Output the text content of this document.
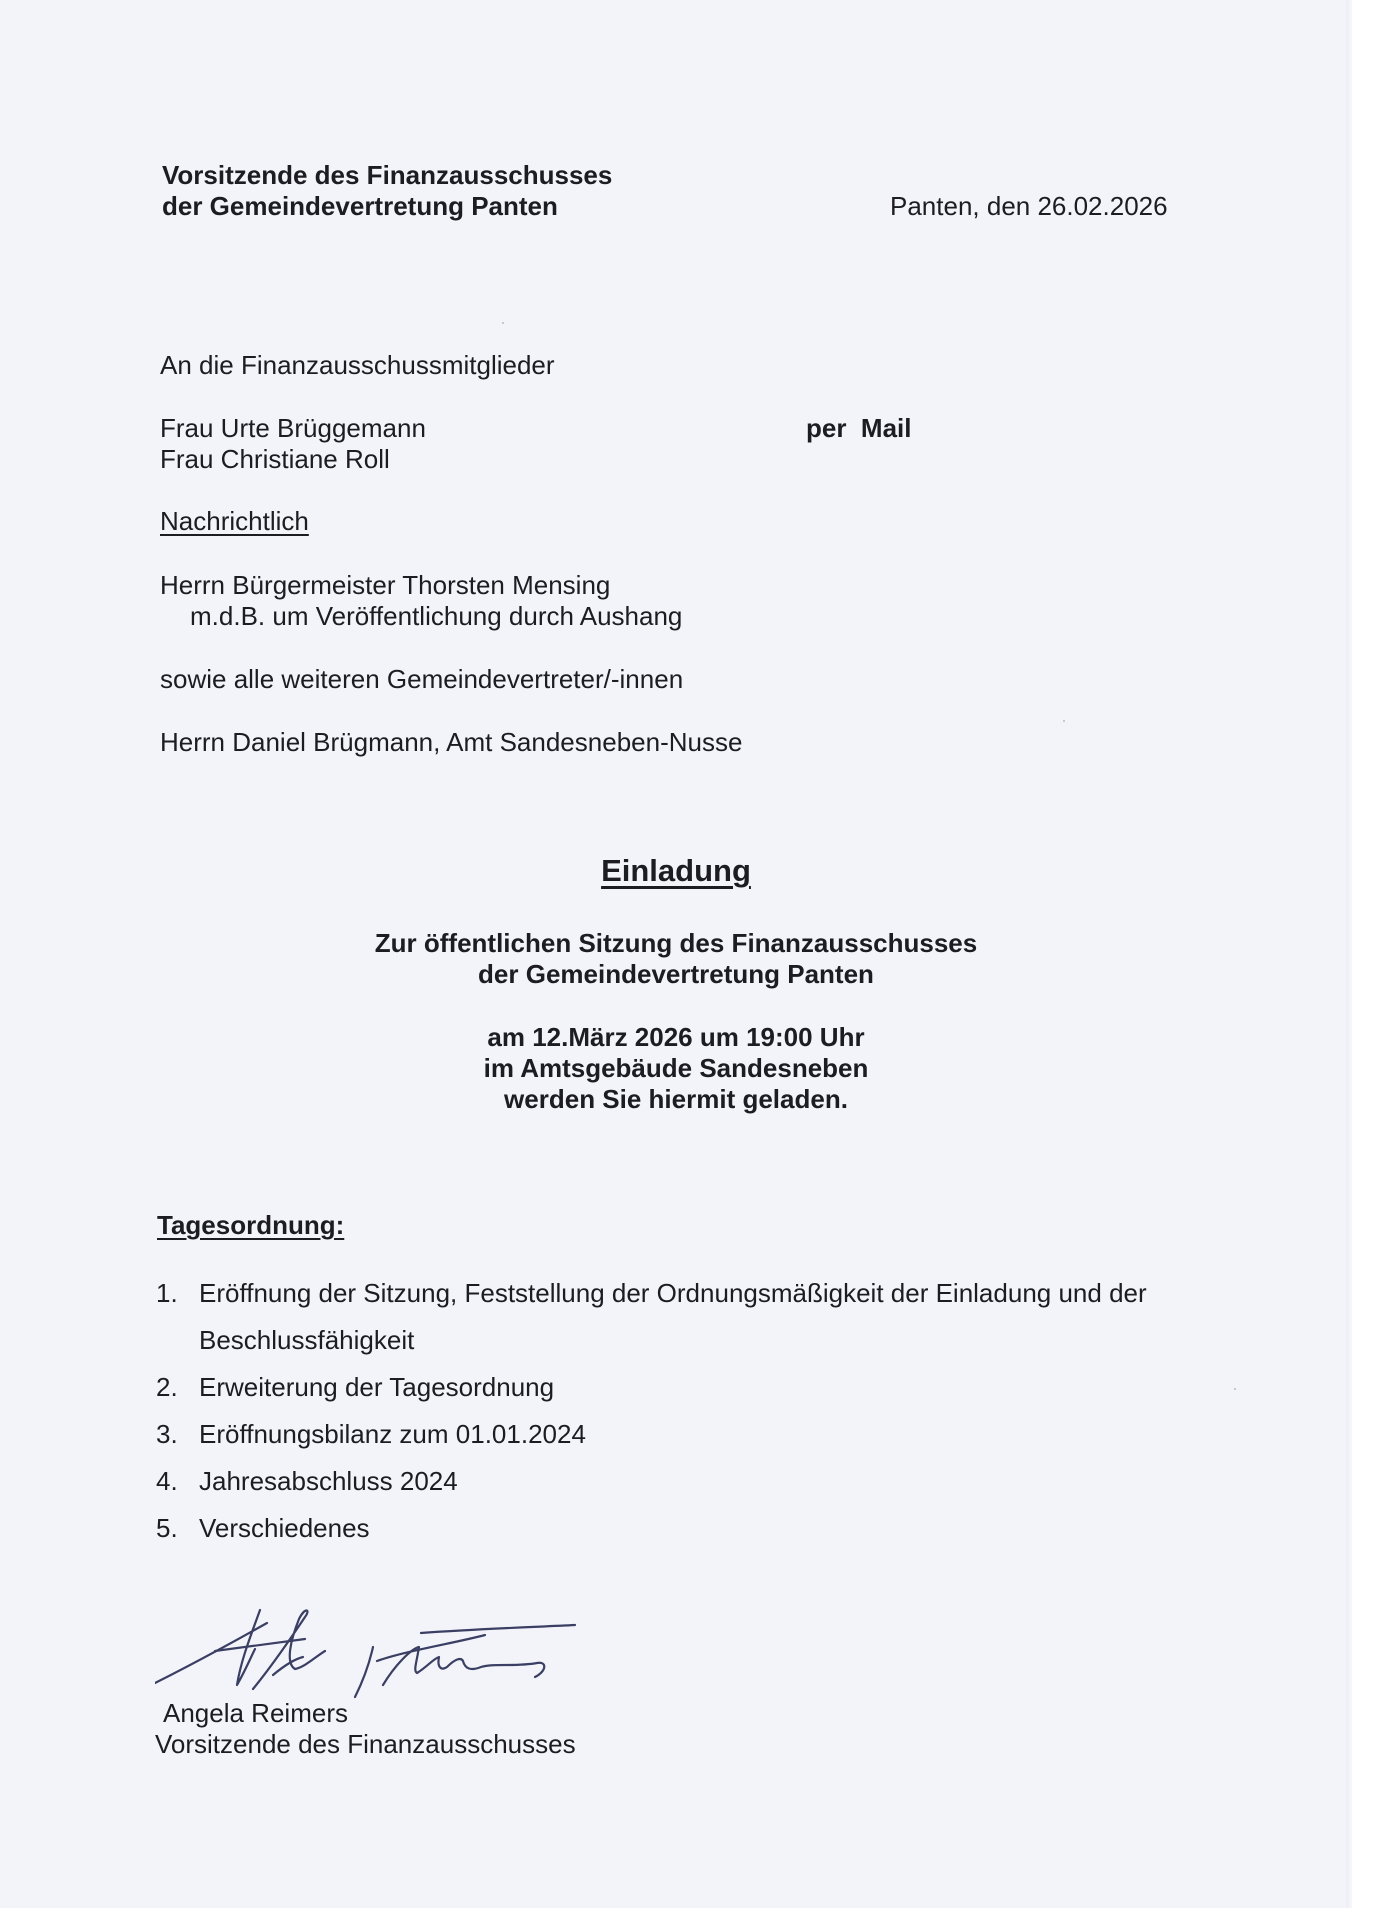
Vorsitzende des Finanzausschusses

der Gemeindevertretung Panten	Panten, den 26.02.2026

An die Finanzausschussmitglieder

Frau Urte Brüggemann

Frau Christiane Roll

per  Mail

Nachrichtlich

Herrn Bürgermeister Thorsten Mensing

m.d.B. um Veröffentlichung durch Aushang

sowie alle weiteren Gemeindevertreter/-innen

Herrn Daniel Brügmann, Amt Sandesneben-Nusse

Einladung

Zur öffentlichen Sitzung des Finanzausschusses

der Gemeindevertretung Panten

am 12.März 2026 um 19:00 Uhr

im Amtsgebäude Sandesneben

werden Sie hiermit geladen.

Tagesordnung:

1. Eröffnung der Sitzung, Feststellung der Ordnungsmäßigkeit der Einladung und der Beschlussfähigkeit
2. Erweiterung der Tagesordnung
3. Eröffnungsbilanz zum 01.01.2024
4. Jahresabschluss 2024
5. Verschiedenes

Angela Reimers

Vorsitzende des Finanzausschusses
